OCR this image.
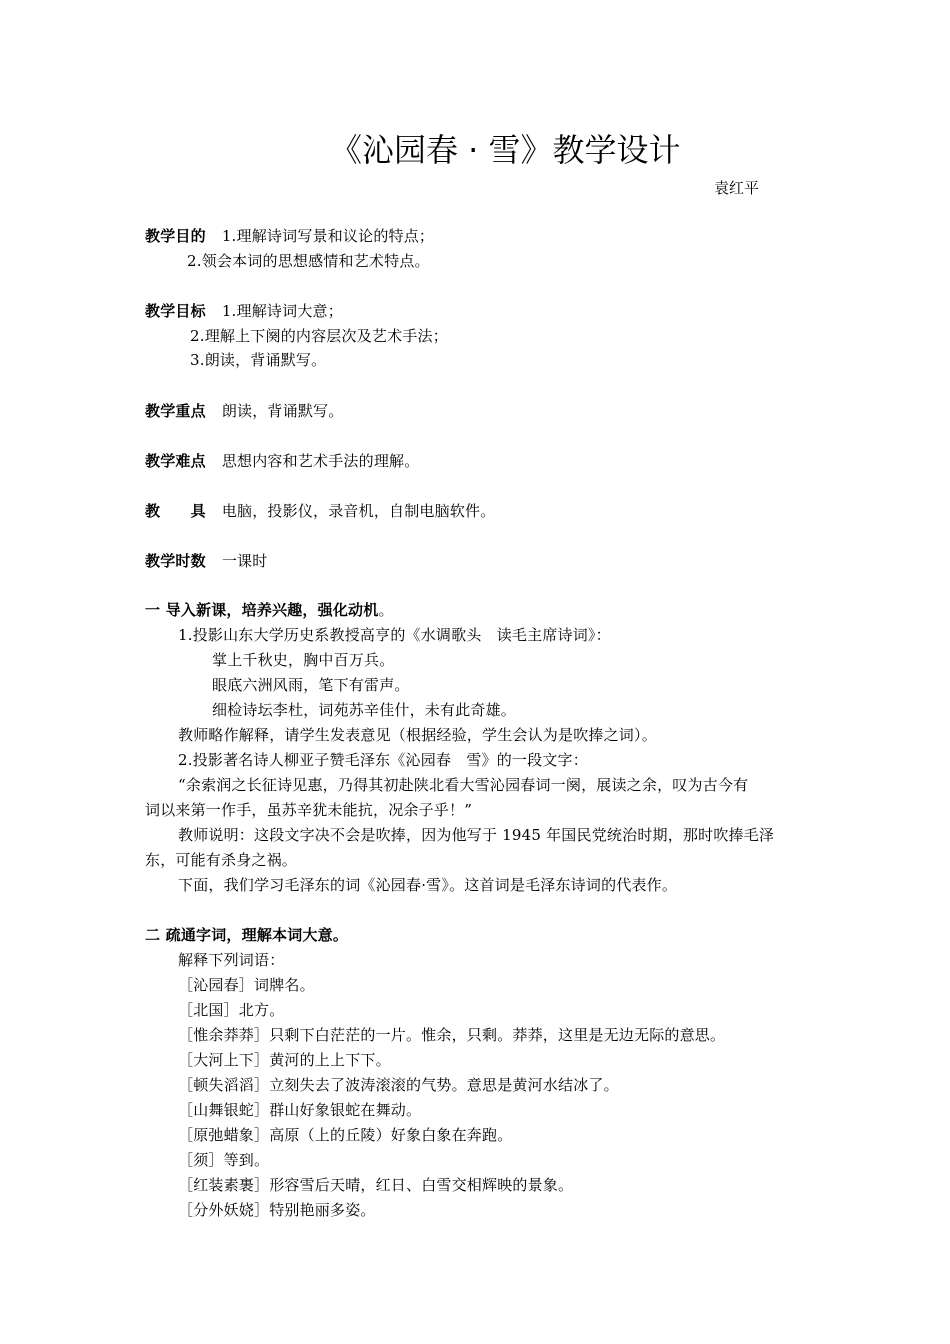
《沁园春 · 雪》教学设计
袁红平
教学目的 1.理解诗词写景和议论的特点；
2.领会本词的思想感情和艺术特点。
教学目标 1.理解诗词大意；
2.理解上下阕的内容层次及艺术手法；
3.朗读，背诵默写。
教学重点 朗读，背诵默写。
教学难点 思想内容和艺术手法的理解。
教　　具 电脑，投影仪，录音机，自制电脑软件。
教学时数 一课时
一 导入新课，培养兴趣，强化动机。
1.投影山东大学历史系教授高亨的《水调歌头　读毛主席诗词》：
掌上千秋史，胸中百万兵。
眼底六洲风雨，笔下有雷声。
细检诗坛李杜，词苑苏辛佳什，未有此奇雄。
教师略作解释，请学生发表意见（根据经验，学生会认为是吹捧之词）。
2.投影著名诗人柳亚子赞毛泽东《沁园春　雪》的一段文字：
“余索润之长征诗见惠，乃得其初赴陕北看大雪沁园春词一阕，展读之余，叹为古今有
词以来第一作手，虽苏辛犹未能抗，况余子乎！”
教师说明：这段文字决不会是吹捧，因为他写于 1945 年国民党统治时期，那时吹捧毛泽
东，可能有杀身之祸。
下面，我们学习毛泽东的词《沁园春·雪》。这首词是毛泽东诗词的代表作。
二 疏通字词，理解本词大意。
解释下列词语：
［沁园春］词牌名。
［北国］北方。
［惟余莽莽］只剩下白茫茫的一片。惟余，只剩。莽莽，这里是无边无际的意思。
［大河上下］黄河的上上下下。
［顿失滔滔］立刻失去了波涛滚滚的气势。意思是黄河水结冰了。
［山舞银蛇］群山好象银蛇在舞动。
［原弛蜡象］高原（上的丘陵）好象白象在奔跑。
［须］等到。
［红装素裹］形容雪后天晴，红日、白雪交相辉映的景象。
［分外妖娆］特别艳丽多姿。
